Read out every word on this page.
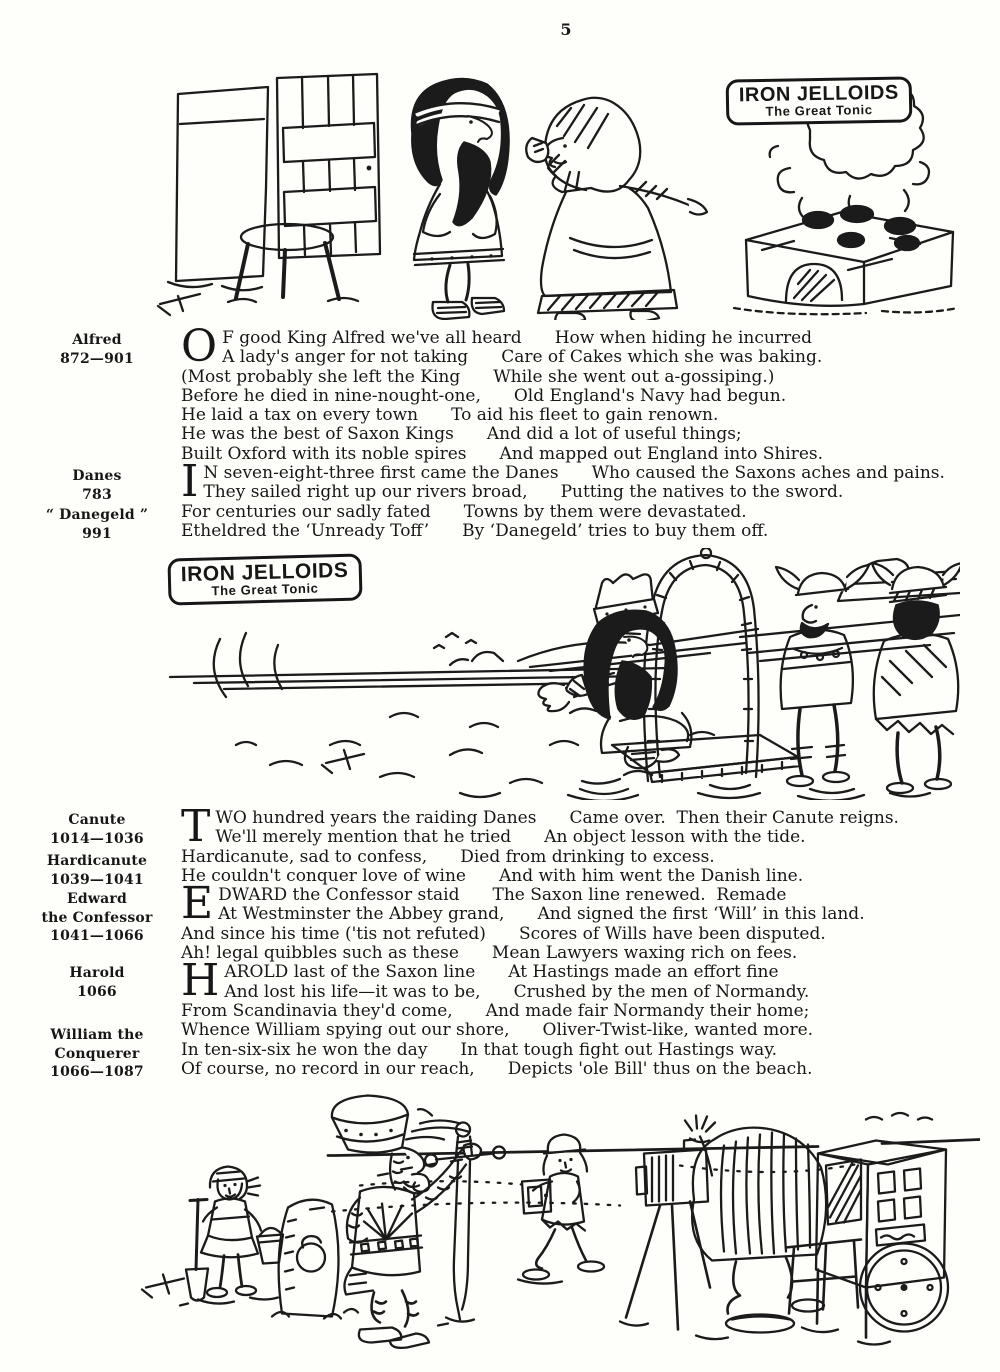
5
IRON JELLOIDS
The Great Tonic
Alfred
872—901
Danes
783
“ Danegeld ”
991
Canute
1014—1036
Hardicanute
1039—1041
Edward
the Confessor
1041—1066
Harold
1066
William the
Conquerer
1066—1087
O F good King Alfred we've all heard How when hiding he incurred
A lady's anger for not taking Care of Cakes which she was baking.
(Most probably she left the King While she went out a-gossiping.)
Before he died in nine-nought-one, Old England's Navy had begun.
He laid a tax on every town To aid his fleet to gain renown.
He was the best of Saxon Kings And did a lot of useful things;
Built Oxford with its noble spires And mapped out England into Shires.
I N seven-eight-three first came the Danes Who caused the Saxons aches and pains.
They sailed right up our rivers broad, Putting the natives to the sword.
For centuries our sadly fated Towns by them were devastated.
Etheldred the ‘Unready Toff’ By ‘Danegeld’ tries to buy them off.
IRON JELLOIDS
The Great Tonic
T WO hundred years the raiding Danes Came over.  Then their Canute reigns.
We'll merely mention that he tried An object lesson with the tide.
Hardicanute, sad to confess, Died from drinking to excess.
He couldn't conquer love of wine And with him went the Danish line.
E DWARD the Confessor staid The Saxon line renewed.  Remade
At Westminster the Abbey grand, And signed the first ‘Will’ in this land.
And since his time ('tis not refuted) Scores of Wills have been disputed.
Ah! legal quibbles such as these Mean Lawyers waxing rich on fees.
H AROLD last of the Saxon line At Hastings made an effort fine
And lost his life—it was to be, Crushed by the men of Normandy.
From Scandinavia they'd come, And made fair Normandy their home;
Whence William spying out our shore, Oliver-Twist-like, wanted more.
In ten-six-six he won the day In that tough fight out Hastings way.
Of course, no record in our reach, Depicts 'ole Bill' thus on the beach.
